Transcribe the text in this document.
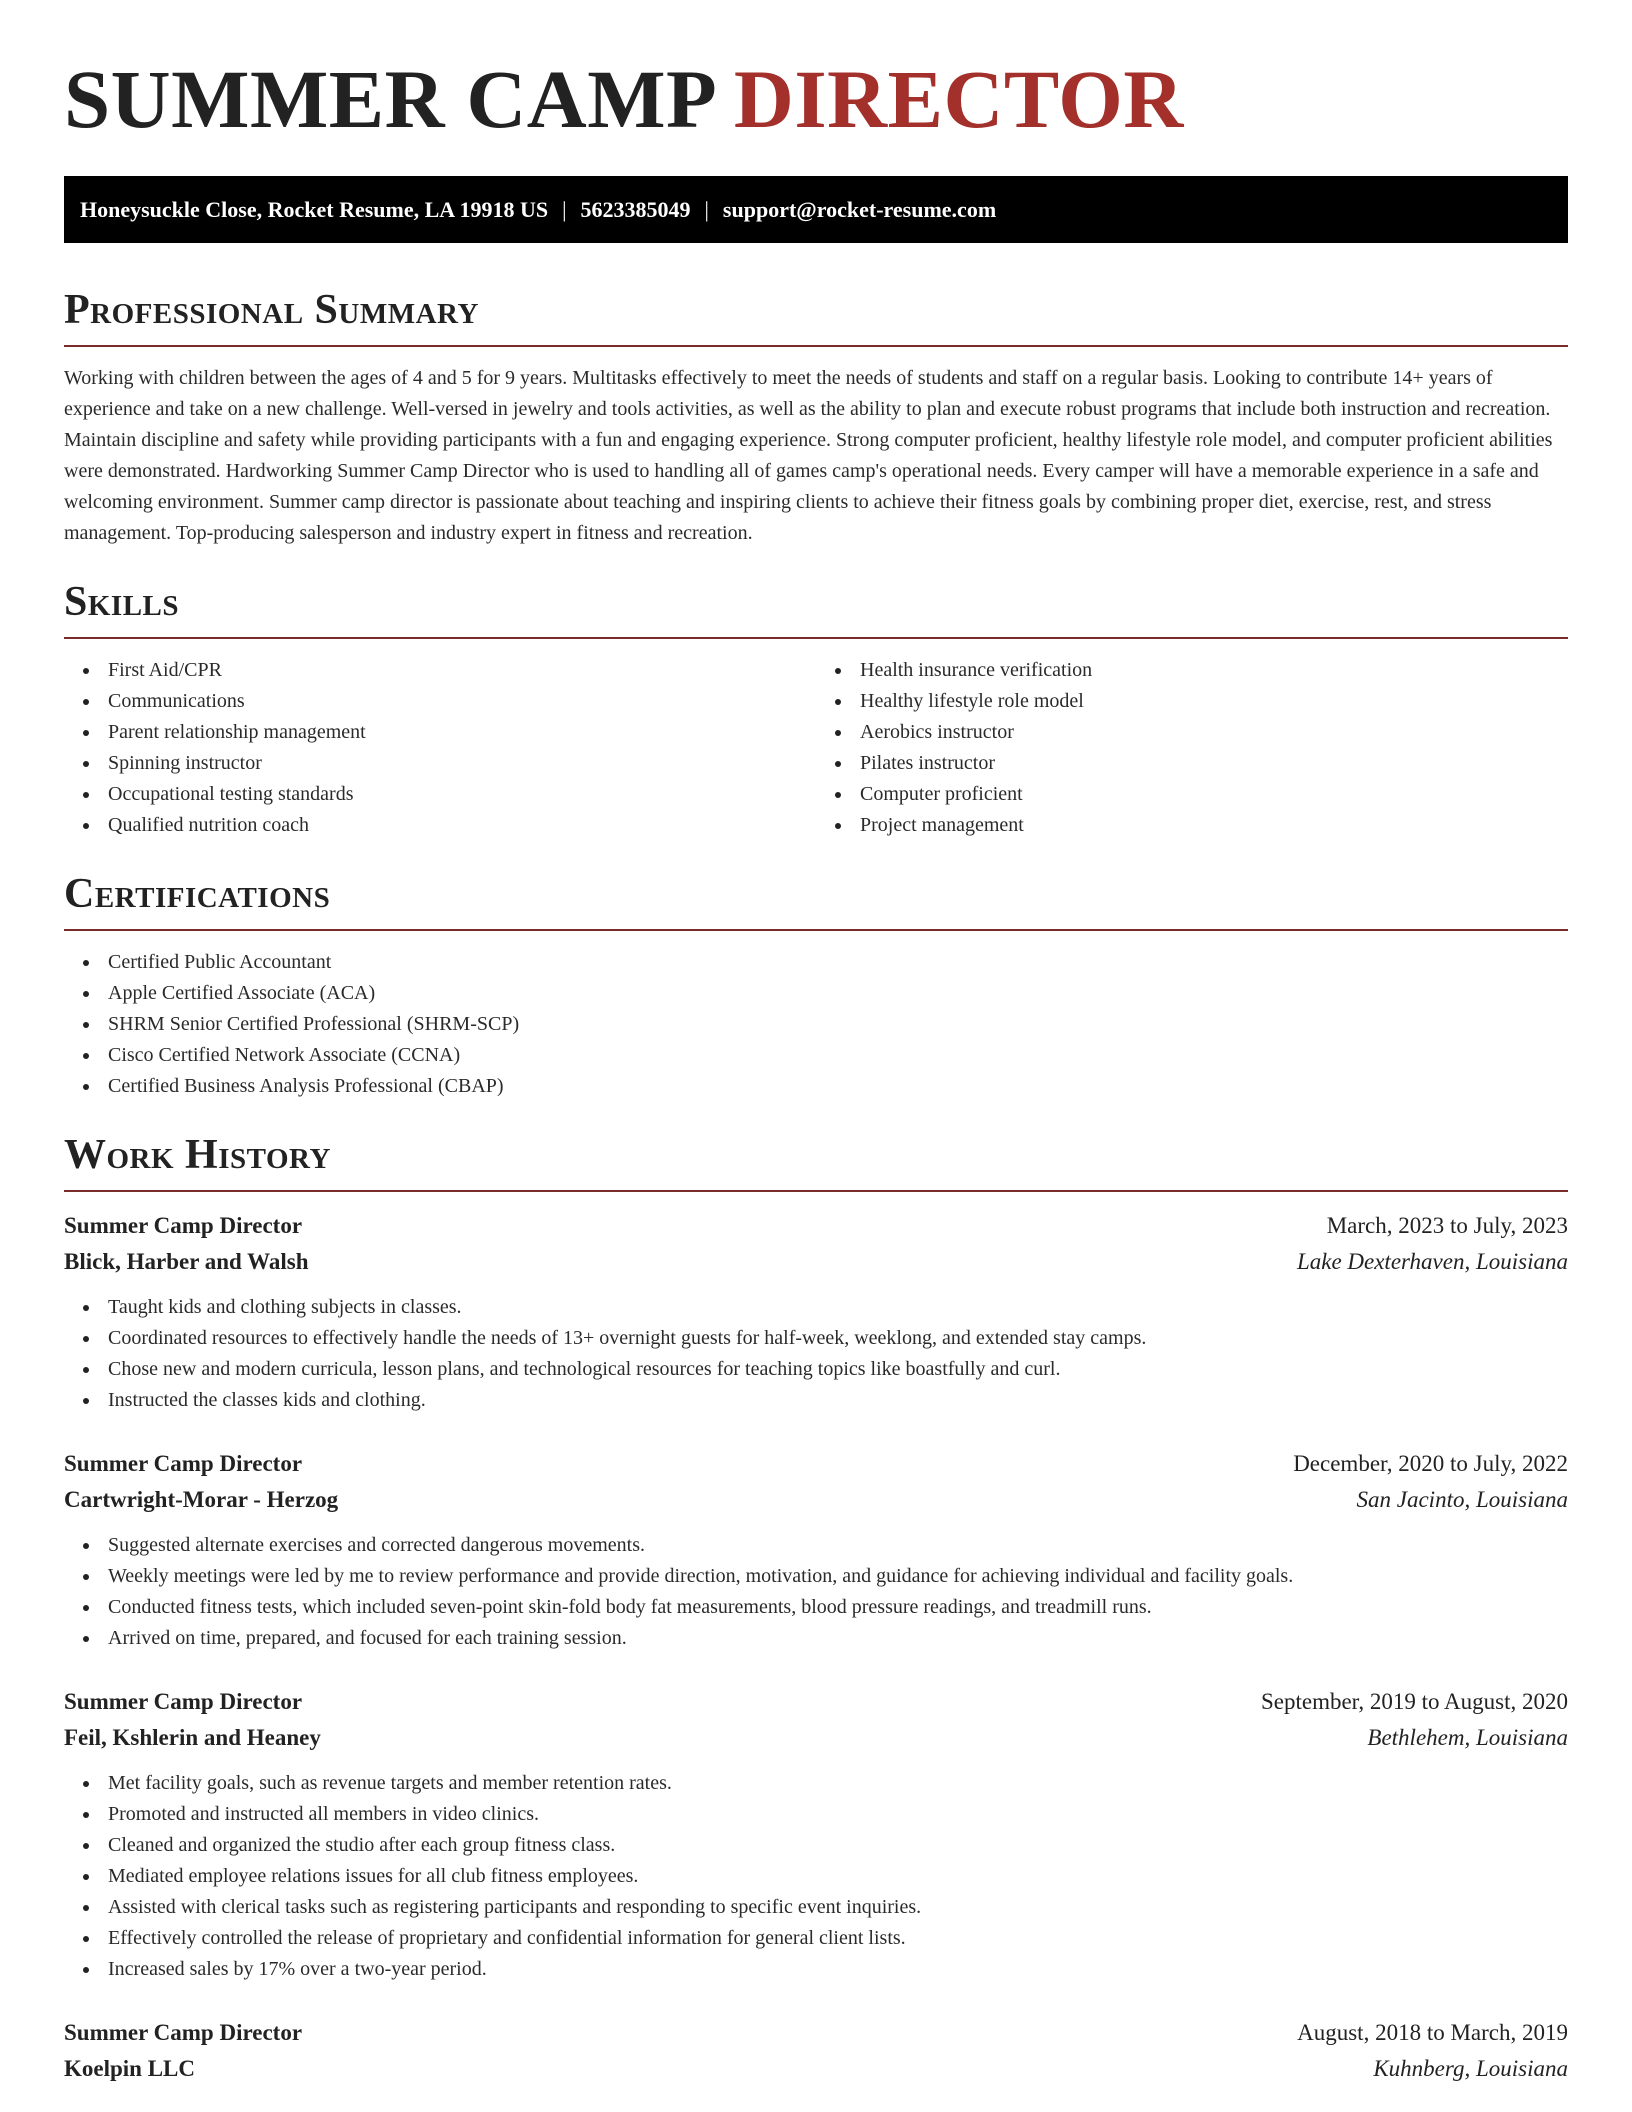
SUMMER CAMP DIRECTOR
Honeysuckle Close, Rocket Resume, LA 19918 US | 5623385049 | support@rocket-resume.com
Professional Summary

Working with children between the ages of 4 and 5 for 9 years. Multitasks effectively to meet the needs of students and staff on a regular basis. Looking to contribute 14+ years of experience and take on a new challenge. Well-versed in jewelry and tools activities, as well as the ability to plan and execute robust programs that include both instruction and recreation. Maintain discipline and safety while providing participants with a fun and engaging experience. Strong computer proficient, healthy lifestyle role model, and computer proficient abilities were demonstrated. Hardworking Summer Camp Director who is used to handling all of games camp's operational needs. Every camper will have a memorable experience in a safe and welcoming environment. Summer camp director is passionate about teaching and inspiring clients to achieve their fitness goals by combining proper diet, exercise, rest, and stress management. Top-producing salesperson and industry expert in fitness and recreation.

Skills
First Aid/CPR
Communications
Parent relationship management
Spinning instructor
Occupational testing standards
Qualified nutrition coach
Health insurance verification
Healthy lifestyle role model
Aerobics instructor
Pilates instructor
Computer proficient
Project management
Certifications
Certified Public Accountant
Apple Certified Associate (ACA)
SHRM Senior Certified Professional (SHRM-SCP)
Cisco Certified Network Associate (CCNA)
Certified Business Analysis Professional (CBAP)
Work History
Summer Camp Director	March, 2023 to July, 2023
Blick, Harber and Walsh	Lake Dexterhaven, Louisiana
Taught kids and clothing subjects in classes.
Coordinated resources to effectively handle the needs of 13+ overnight guests for half-week, weeklong, and extended stay camps.
Chose new and modern curricula, lesson plans, and technological resources for teaching topics like boastfully and curl.
Instructed the classes kids and clothing.
Summer Camp Director	December, 2020 to July, 2022
Cartwright-Morar - Herzog	San Jacinto, Louisiana
Suggested alternate exercises and corrected dangerous movements.
Weekly meetings were led by me to review performance and provide direction, motivation, and guidance for achieving individual and facility goals.
Conducted fitness tests, which included seven-point skin-fold body fat measurements, blood pressure readings, and treadmill runs.
Arrived on time, prepared, and focused for each training session.
Summer Camp Director	September, 2019 to August, 2020
Feil, Kshlerin and Heaney	Bethlehem, Louisiana
Met facility goals, such as revenue targets and member retention rates.
Promoted and instructed all members in video clinics.
Cleaned and organized the studio after each group fitness class.
Mediated employee relations issues for all club fitness employees.
Assisted with clerical tasks such as registering participants and responding to specific event inquiries.
Effectively controlled the release of proprietary and confidential information for general client lists.
Increased sales by 17% over a two-year period.
Summer Camp Director	August, 2018 to March, 2019
Koelpin LLC	Kuhnberg, Louisiana
